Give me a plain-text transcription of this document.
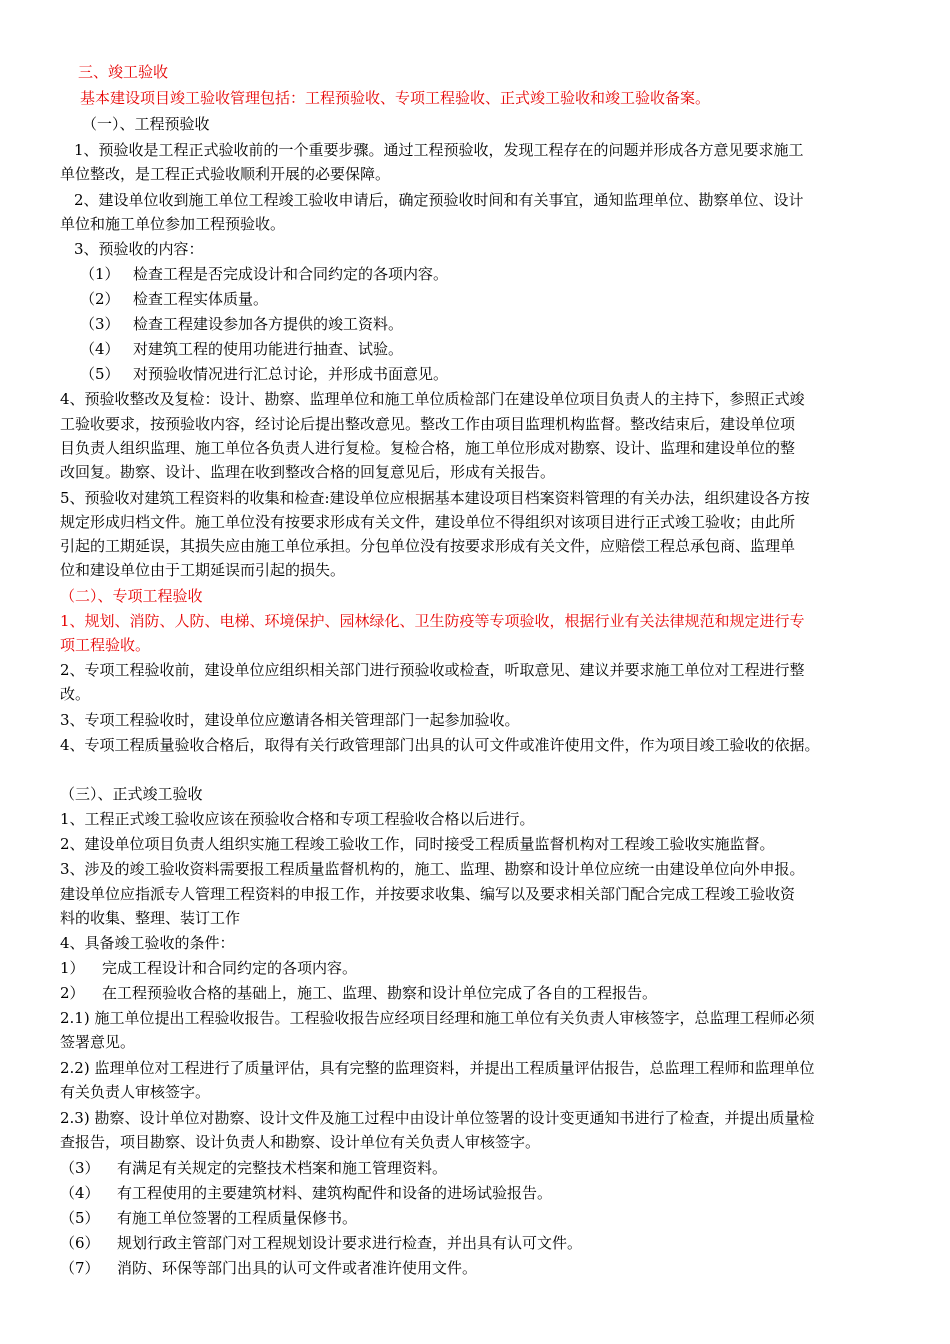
三、竣工验收
基本建设项目竣工验收管理包括：工程预验收、专项工程验收、正式竣工验收和竣工验收备案。
（一）、工程预验收
1、预验收是工程正式验收前的一个重要步骤。通过工程预验收，发现工程存在的问题并形成各方意见要求施工
单位整改，是工程正式验收顺利开展的必要保障。
2、建设单位收到施工单位工程竣工验收申请后，确定预验收时间和有关事宜，通知监理单位、勘察单位、设计
单位和施工单位参加工程预验收。
3、预验收的内容：
（1） 检查工程是否完成设计和合同约定的各项内容。
（2） 检查工程实体质量。
（3） 检查工程建设参加各方提供的竣工资料。
（4） 对建筑工程的使用功能进行抽查、试验。
（5） 对预验收情况进行汇总讨论，并形成书面意见。
4、预验收整改及复检：设计、勘察、监理单位和施工单位质检部门在建设单位项目负责人的主持下，参照正式竣
工验收要求，按预验收内容，经讨论后提出整改意见。整改工作由项目监理机构监督。整改结束后，建设单位项
目负责人组织监理、施工单位各负责人进行复检。复检合格，施工单位形成对勘察、设计、监理和建设单位的整
改回复。勘察、设计、监理在收到整改合格的回复意见后，形成有关报告。
5、预验收对建筑工程资料的收集和检查:建设单位应根据基本建设项目档案资料管理的有关办法，组织建设各方按
规定形成归档文件。施工单位没有按要求形成有关文件，建设单位不得组织对该项目进行正式竣工验收；由此所
引起的工期延误，其损失应由施工单位承担。分包单位没有按要求形成有关文件，应赔偿工程总承包商、监理单
位和建设单位由于工期延误而引起的损失。
（二）、专项工程验收
1、规划、消防、人防、电梯、环境保护、园林绿化、卫生防疫等专项验收，根据行业有关法律规范和规定进行专
项工程验收。
2、专项工程验收前，建设单位应组织相关部门进行预验收或检查，听取意见、建议并要求施工单位对工程进行整
改。
3、专项工程验收时，建设单位应邀请各相关管理部门一起参加验收。
4、专项工程质量验收合格后，取得有关行政管理部门出具的认可文件或准许使用文件，作为项目竣工验收的依据。
（三）、正式竣工验收
1、工程正式竣工验收应该在预验收合格和专项工程验收合格以后进行。
2、建设单位项目负责人组织实施工程竣工验收工作，同时接受工程质量监督机构对工程竣工验收实施监督。
3、涉及的竣工验收资料需要报工程质量监督机构的，施工、监理、勘察和设计单位应统一由建设单位向外申报。
建设单位应指派专人管理工程资料的申报工作，并按要求收集、编写以及要求相关部门配合完成工程竣工验收资
料的收集、整理、装订工作
4、具备竣工验收的条件：
1）	完成工程设计和合同约定的各项内容。
2）	在工程预验收合格的基础上，施工、监理、勘察和设计单位完成了各自的工程报告。
2.1) 施工单位提出工程验收报告。工程验收报告应经项目经理和施工单位有关负责人审核签字，总监理工程师必须
签署意见。
2.2) 监理单位对工程进行了质量评估，具有完整的监理资料，并提出工程质量评估报告，总监理工程师和监理单位
有关负责人审核签字。
2.3) 勘察、设计单位对勘察、设计文件及施工过程中由设计单位签署的设计变更通知书进行了检查，并提出质量检
查报告，项目勘察、设计负责人和勘察、设计单位有关负责人审核签字。
（3）	有满足有关规定的完整技术档案和施工管理资料。
（4）	有工程使用的主要建筑材料、建筑构配件和设备的进场试验报告。
（5）	有施工单位签署的工程质量保修书。
（6）	规划行政主管部门对工程规划设计要求进行检查，并出具有认可文件。
（7）	消防、环保等部门出具的认可文件或者准许使用文件。
